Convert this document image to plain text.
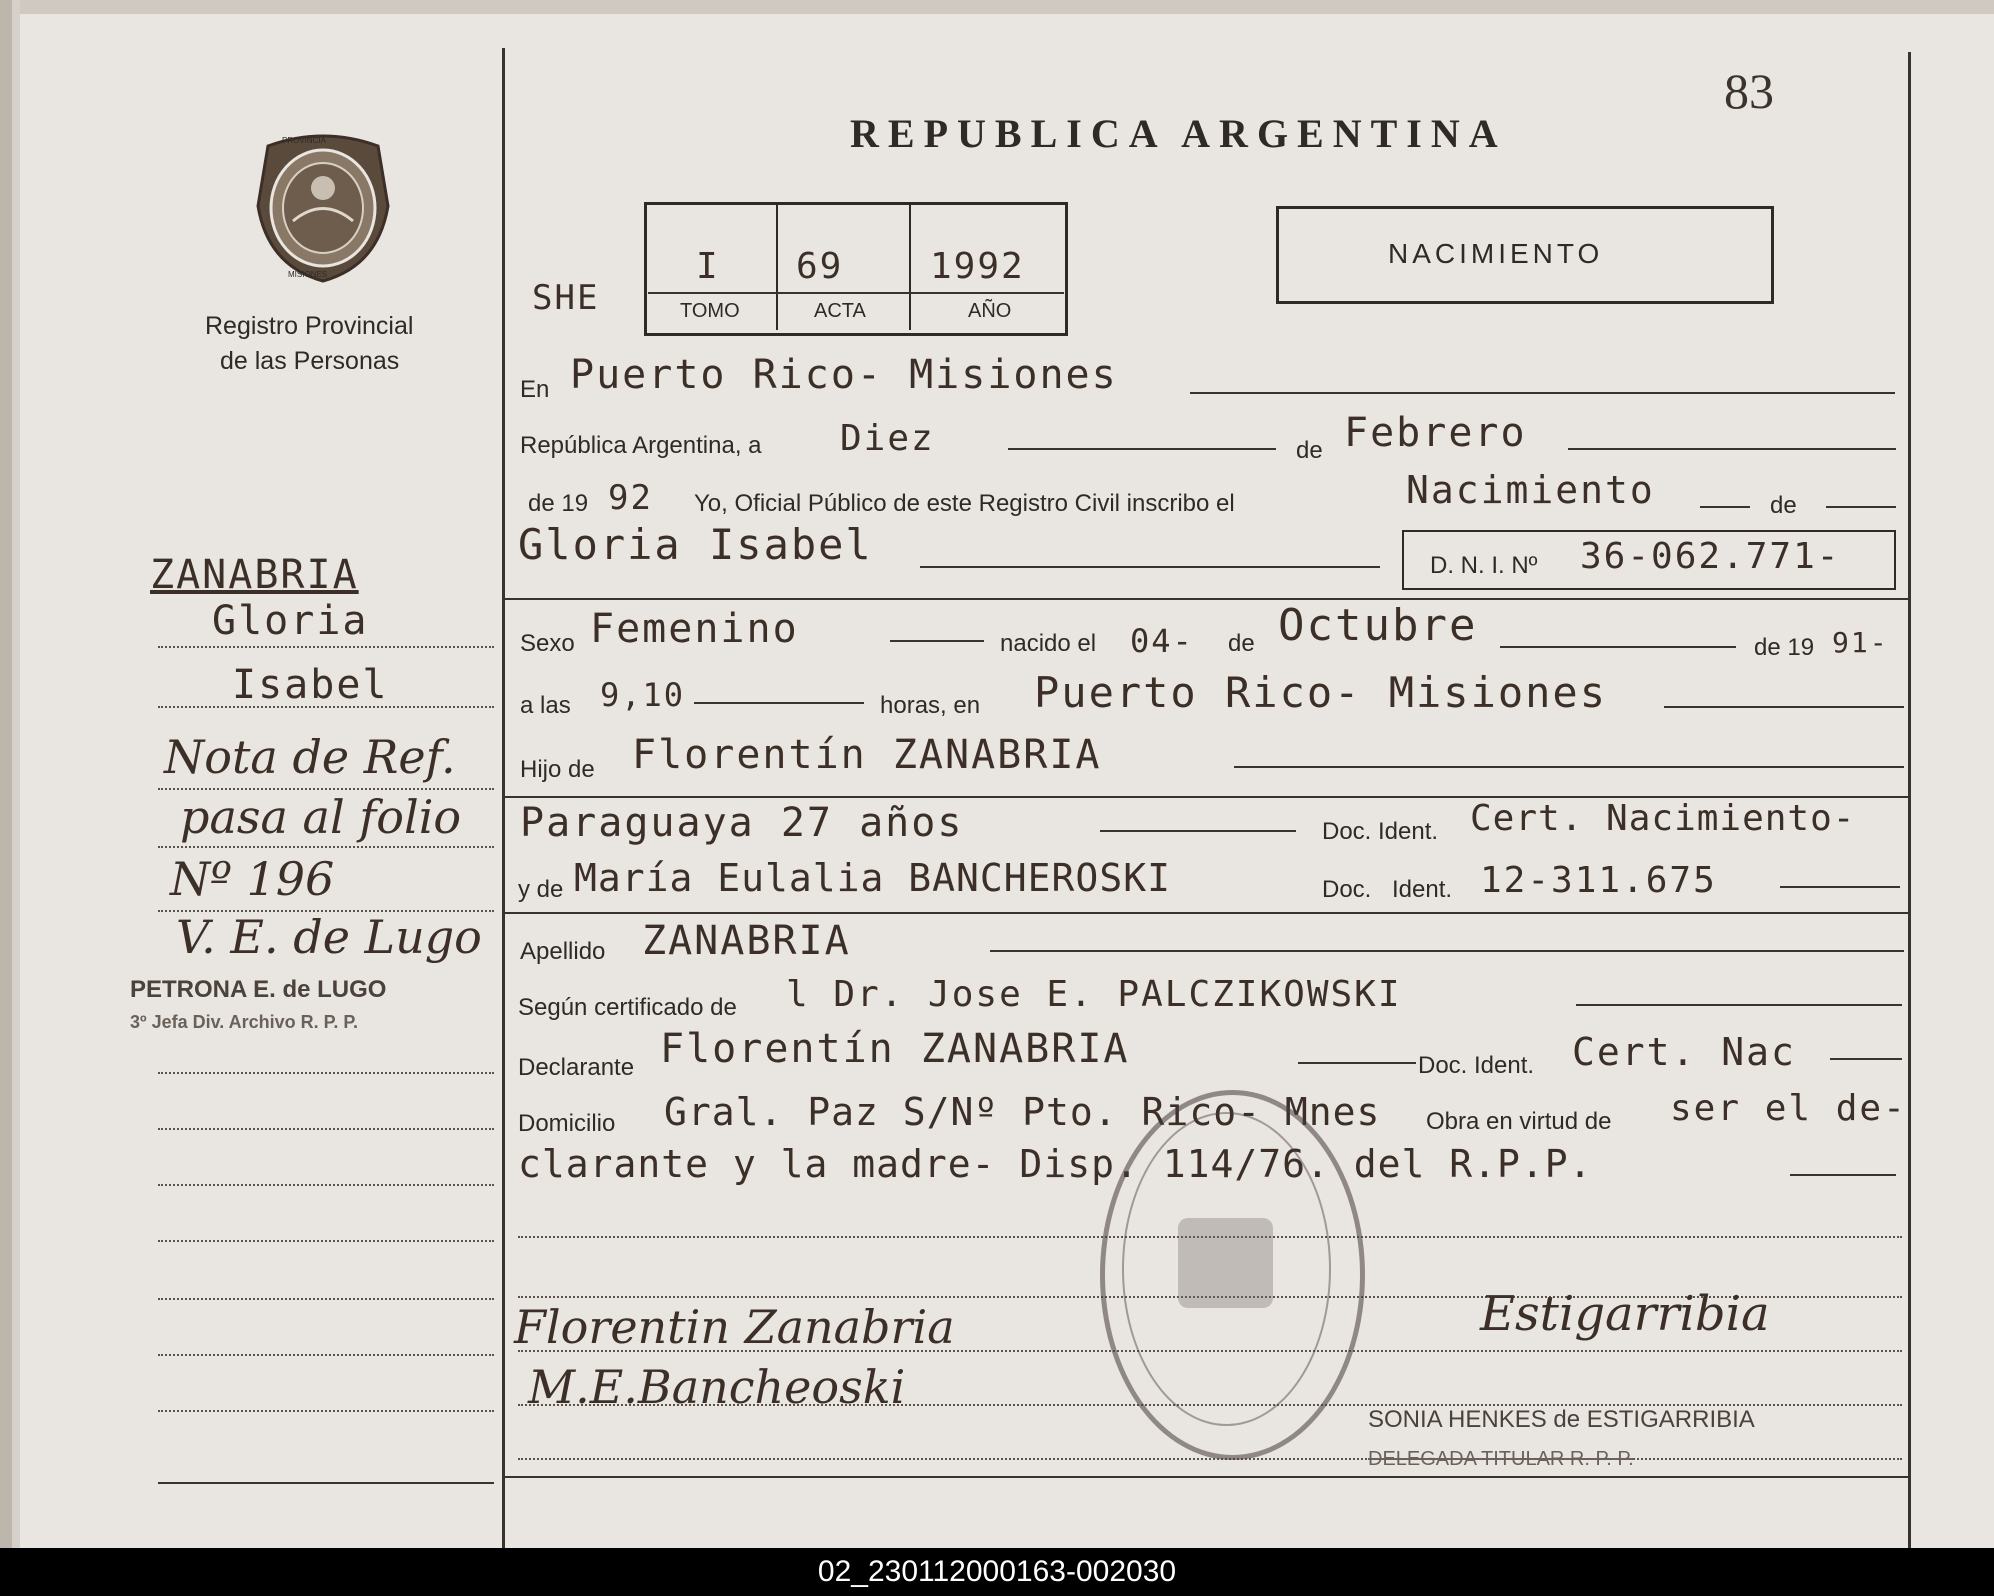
PROVINCIA
MISIONES
Registro Provincial
de las Personas
REPUBLICA ARGENTINA
83
NACIMIENTO
SHE
I 69 1992
TOMO	ACTA	AÑO
En Puerto Rico- Misiones
República Argentina, a Diez	de Febrero
de 19 92 Yo, Oficial Público de este Registro Civil inscribo el	Nacimiento	de
Gloria Isabel	D. N. I. Nº 36-062.771-
Sexo Femenino	nacido el 04- de Octubre	de 19 91-
a las 9,10	horas, en Puerto Rico- Misiones
Hijo de Florentín ZANABRIA
Paraguaya 27 años	Doc. Ident. Cert. Nacimiento-
y de María Eulalia BANCHEROSKI	Doc. Ident. 12-311.675
Apellido ZANABRIA
Según certificado de l Dr. Jose E. PALCZIKOWSKI
Declarante Florentín ZANABRIA	Doc. Ident. Cert. Nac
Domicilio Gral. Paz S/Nº Pto. Rico- Mnes Obra en virtud de ser el de-
clarante y la madre- Disp. 114/76. del R.P.P.
Florentin Zanabria
M.E.Bancheoski
Estigarribia
SONIA HENKES de ESTIGARRIBIA
DELEGADA TITULAR R. P. P.
ZANABRIA
Gloria
Isabel
Nota de Ref.
pasa al folio
Nº 196
V. E. de Lugo
PETRONA E. de LUGO
3º Jefa Div. Archivo R. P. P.
02_230112000163-002030
